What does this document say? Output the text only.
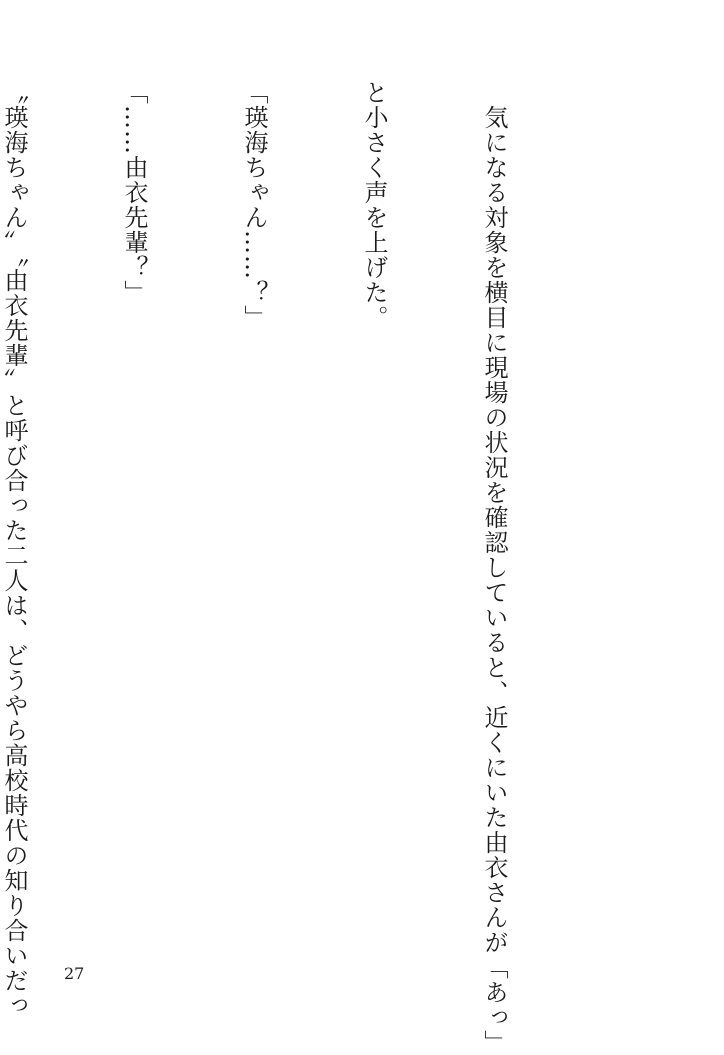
　気になる対象を横目に現場の状況を確認していると、近くにいた由衣さんが「あっ」

と小さく声を上げた。

「瑛海ちゃん……？」

「……由衣先輩？」

〝瑛海ちゃん〟〝由衣先輩〟と呼び合った二人は、どうやら高校時代の知り合いだっ

	27
